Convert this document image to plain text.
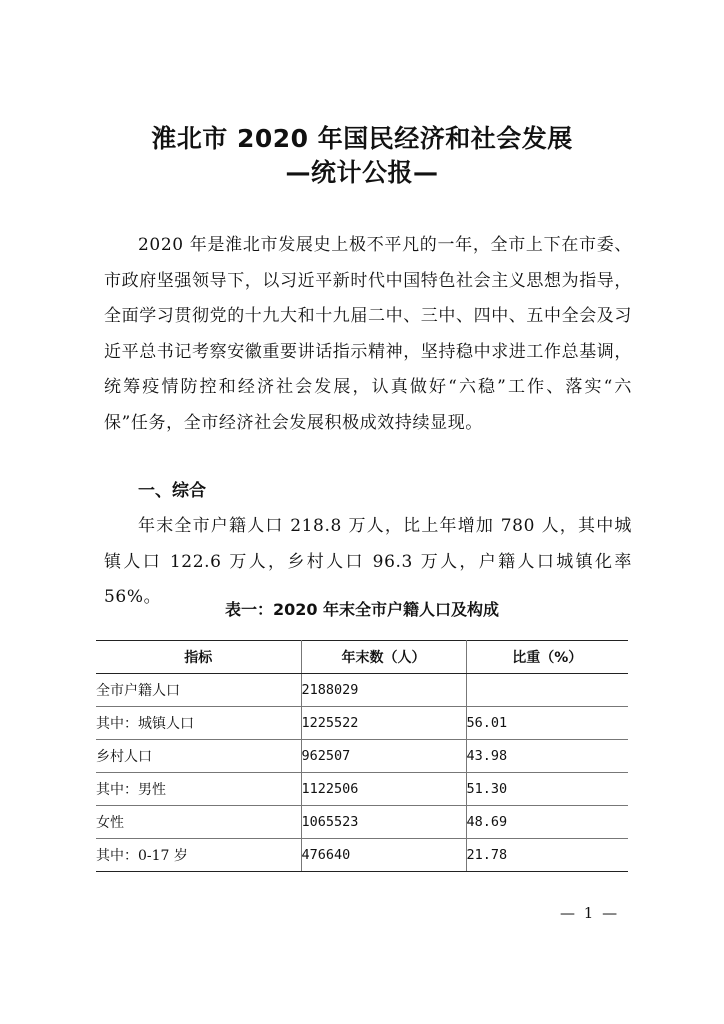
淮北市 2020 年国民经济和社会发展
—统计公报—

2020 年是淮北市发展史上极不平凡的一年，全市上下在市委、市政府坚强领导下，以习近平新时代中国特色社会主义思想为指导，全面学习贯彻党的十九大和十九届二中、三中、四中、五中全会及习近平总书记考察安徽重要讲话指示精神，坚持稳中求进工作总基调，统筹疫情防控和经济社会发展，认真做好“六稳”工作、落实“六保”任务，全市经济社会发展积极成效持续显现。

一、综合

年末全市户籍人口 218.8 万人，比上年增加 780 人，其中城镇人口 122.6 万人，乡村人口 96.3 万人，户籍人口城镇化率 56%。

表一：2020 年末全市户籍人口及构成
指标	年末数（人）	比重（%）
全市户籍人口	2188029	
其中：城镇人口	1225522	56.01
乡村人口	962507	43.98
其中：男性	1122506	51.30
女性	1065523	48.69
其中：0-17 岁	476640	21.78
— 1 —
